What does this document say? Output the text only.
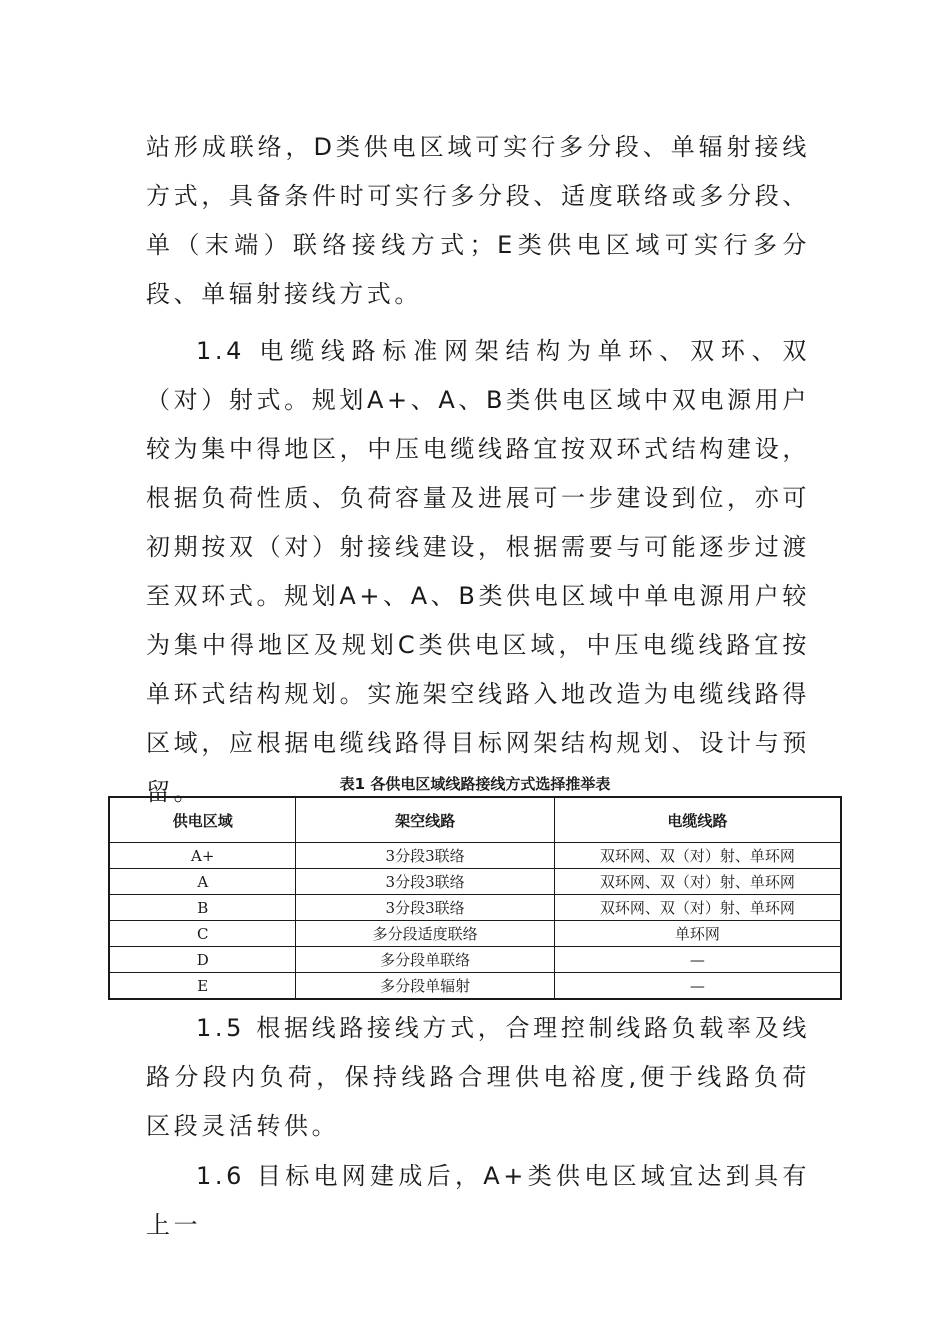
站形成联络，D类供电区域可实行多分段、单辐射接线方式，具备条件时可实行多分段、适度联络或多分段、单（末端）联络接线方式；E类供电区域可实行多分段、单辐射接线方式。

1.4 电缆线路标准网架结构为单环、双环、双（对）射式。规划A+、A、B类供电区域中双电源用户较为集中得地区，中压电缆线路宜按双环式结构建设，根据负荷性质、负荷容量及进展可一步建设到位，亦可初期按双（对）射接线建设，根据需要与可能逐步过渡至双环式。规划A+、A、B类供电区域中单电源用户较为集中得地区及规划C类供电区域，中压电缆线路宜按单环式结构规划。实施架空线路入地改造为电缆线路得区域，应根据电缆线路得目标网架结构规划、设计与预留。	表1 各供电区域线路接线方式选择推举表
供电区域	架空线路	电缆线路
A+	3分段3联络	双环网、双（对）射、单环网
A	3分段3联络	双环网、双（对）射、单环网
B	3分段3联络	双环网、双（对）射、单环网
C	多分段适度联络	单环网
D	多分段单联络	—
E	多分段单辐射	—

1.5 根据线路接线方式，合理控制线路负载率及线路分段内负荷，保持线路合理供电裕度,便于线路负荷区段灵活转供。

1.6 目标电网建成后，A+类供电区域宜达到具有上一
